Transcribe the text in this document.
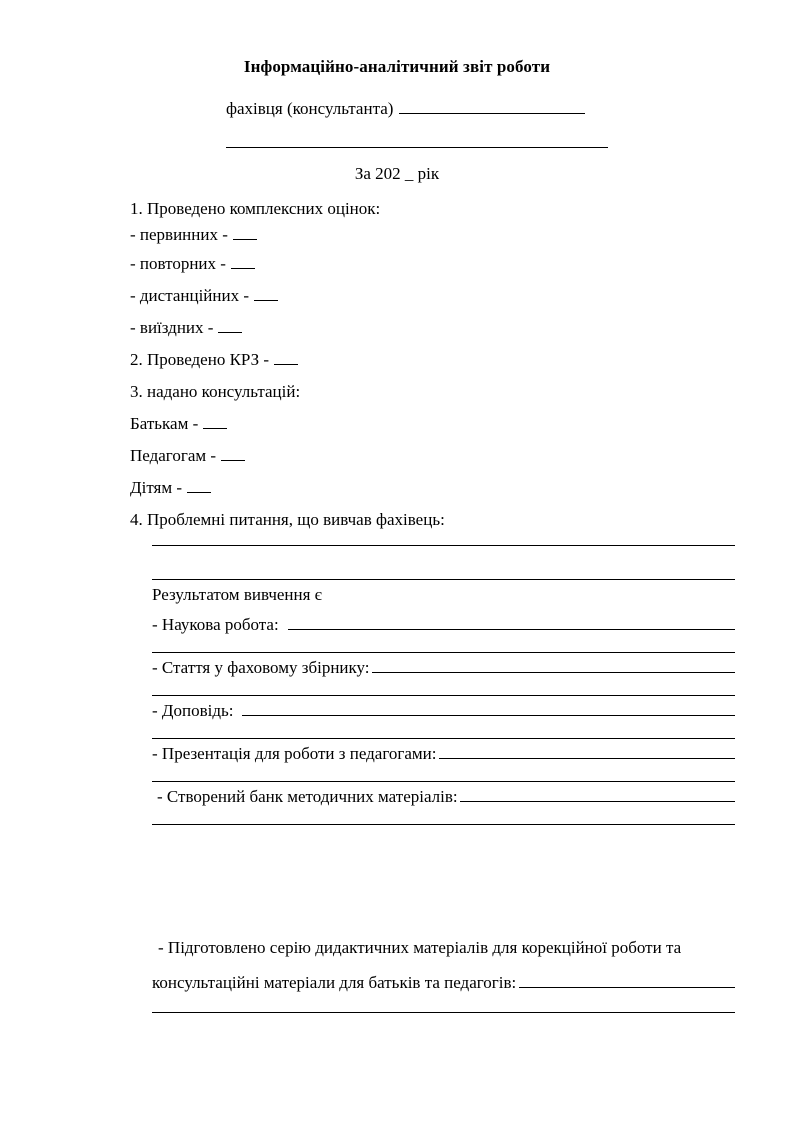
Інформаційно-аналітичний звіт роботи
фахівця (консультанта)
За 202 _ рік
1. Проведено комплексних оцінок:
- первинних -
- повторних -
- дистанційних -
- виїздних -
2. Проведено КРЗ -
3. надано консультацій:
Батькам -
Педагогам -
Дітям -
4. Проблемні питання, що вивчав фахівець:
Результатом вивчення є
- Наукова робота:
- Стаття у фаховому збірнику:
- Доповідь:
- Презентація для роботи з педагогами:
- Створений банк методичних матеріалів:
- Підготовлено серію дидактичних матеріалів для корекційної роботи та
консультаційні матеріали для батьків та педагогів:
